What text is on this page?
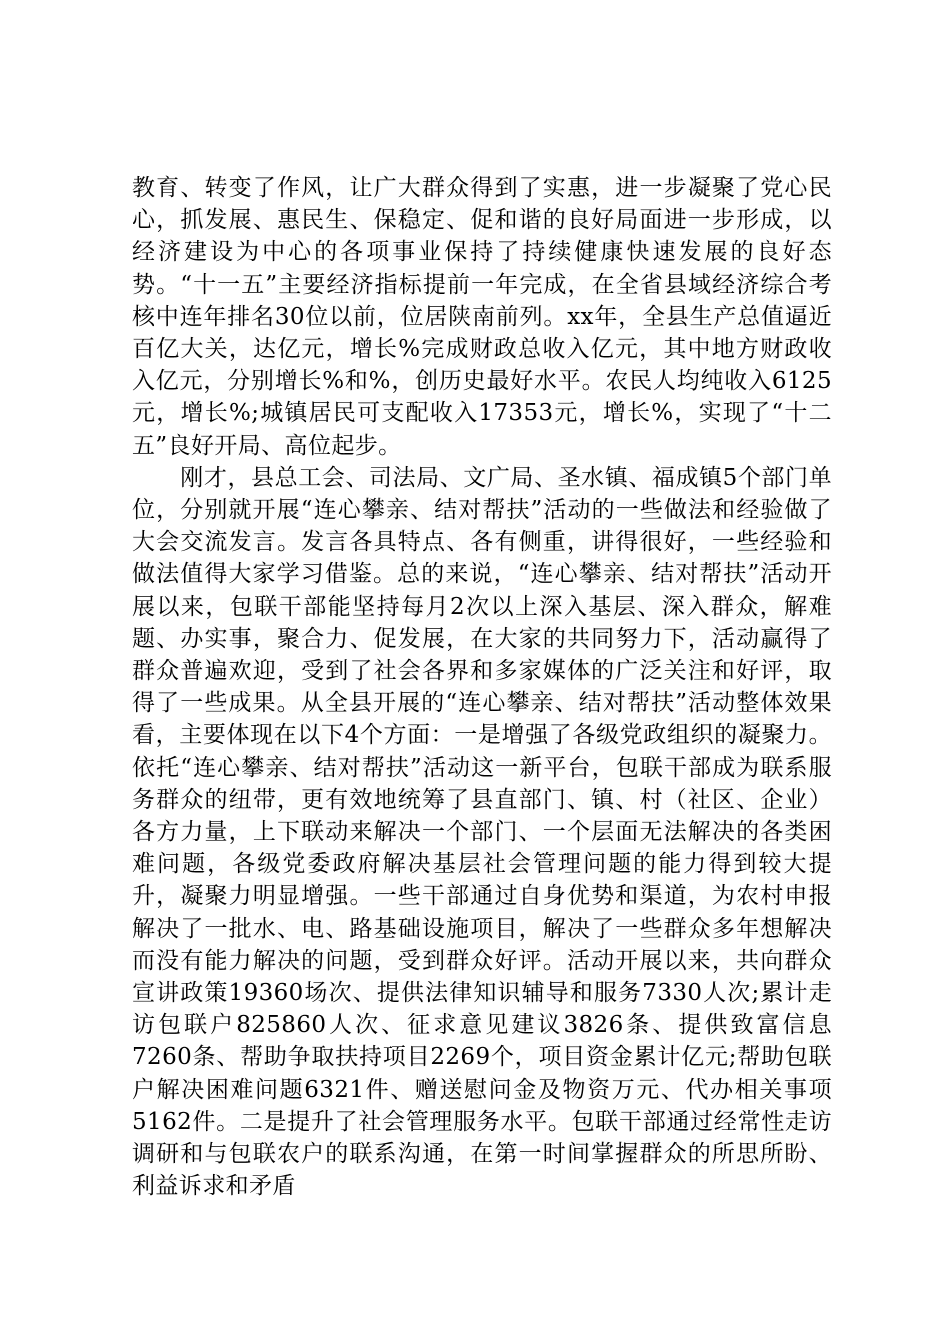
教育、转变了作风，让广大群众得到了实惠，进一步凝聚了党心民心，抓发展、惠民生、保稳定、促和谐的良好局面进一步形成，以经济建设为中心的各项事业保持了持续健康快速发展的良好态势。“十一五”主要经济指标提前一年完成，在全省县域经济综合考核中连年排名30位以前，位居陕南前列。xx年，全县生产总值逼近百亿大关，达亿元，增长%完成财政总收入亿元，其中地方财政收入亿元，分别增长%和%，创历史最好水平。农民人均纯收入6125元，增长%;城镇居民可支配收入17353元，增长%，实现了“十二五”良好开局、高位起步。

刚才，县总工会、司法局、文广局、圣水镇、福成镇5个部门单位，分别就开展“连心攀亲、结对帮扶”活动的一些做法和经验做了大会交流发言。发言各具特点、各有侧重，讲得很好，一些经验和做法值得大家学习借鉴。总的来说，“连心攀亲、结对帮扶”活动开展以来，包联干部能坚持每月2次以上深入基层、深入群众，解难题、办实事，聚合力、促发展，在大家的共同努力下，活动赢得了群众普遍欢迎，受到了社会各界和多家媒体的广泛关注和好评，取得了一些成果。从全县开展的“连心攀亲、结对帮扶”活动整体效果看，主要体现在以下4个方面：一是增强了各级党政组织的凝聚力。依托“连心攀亲、结对帮扶”活动这一新平台，包联干部成为联系服务群众的纽带，更有效地统筹了县直部门、镇、村（社区、企业）各方力量，上下联动来解决一个部门、一个层面无法解决的各类困难问题，各级党委政府解决基层社会管理问题的能力得到较大提升，凝聚力明显增强。一些干部通过自身优势和渠道，为农村申报解决了一批水、电、路基础设施项目，解决了一些群众多年想解决而没有能力解决的问题，受到群众好评。活动开展以来，共向群众宣讲政策19360场次、提供法律知识辅导和服务7330人次;累计走访包联户825860人次、征求意见建议3826条、提供致富信息7260条、帮助争取扶持项目2269个，项目资金累计亿元;帮助包联户解决困难问题6321件、赠送慰问金及物资万元、代办相关事项5162件。二是提升了社会管理服务水平。包联干部通过经常性走访调研和与包联农户的联系沟通，在第一时间掌握群众的所思所盼、利益诉求和矛盾
